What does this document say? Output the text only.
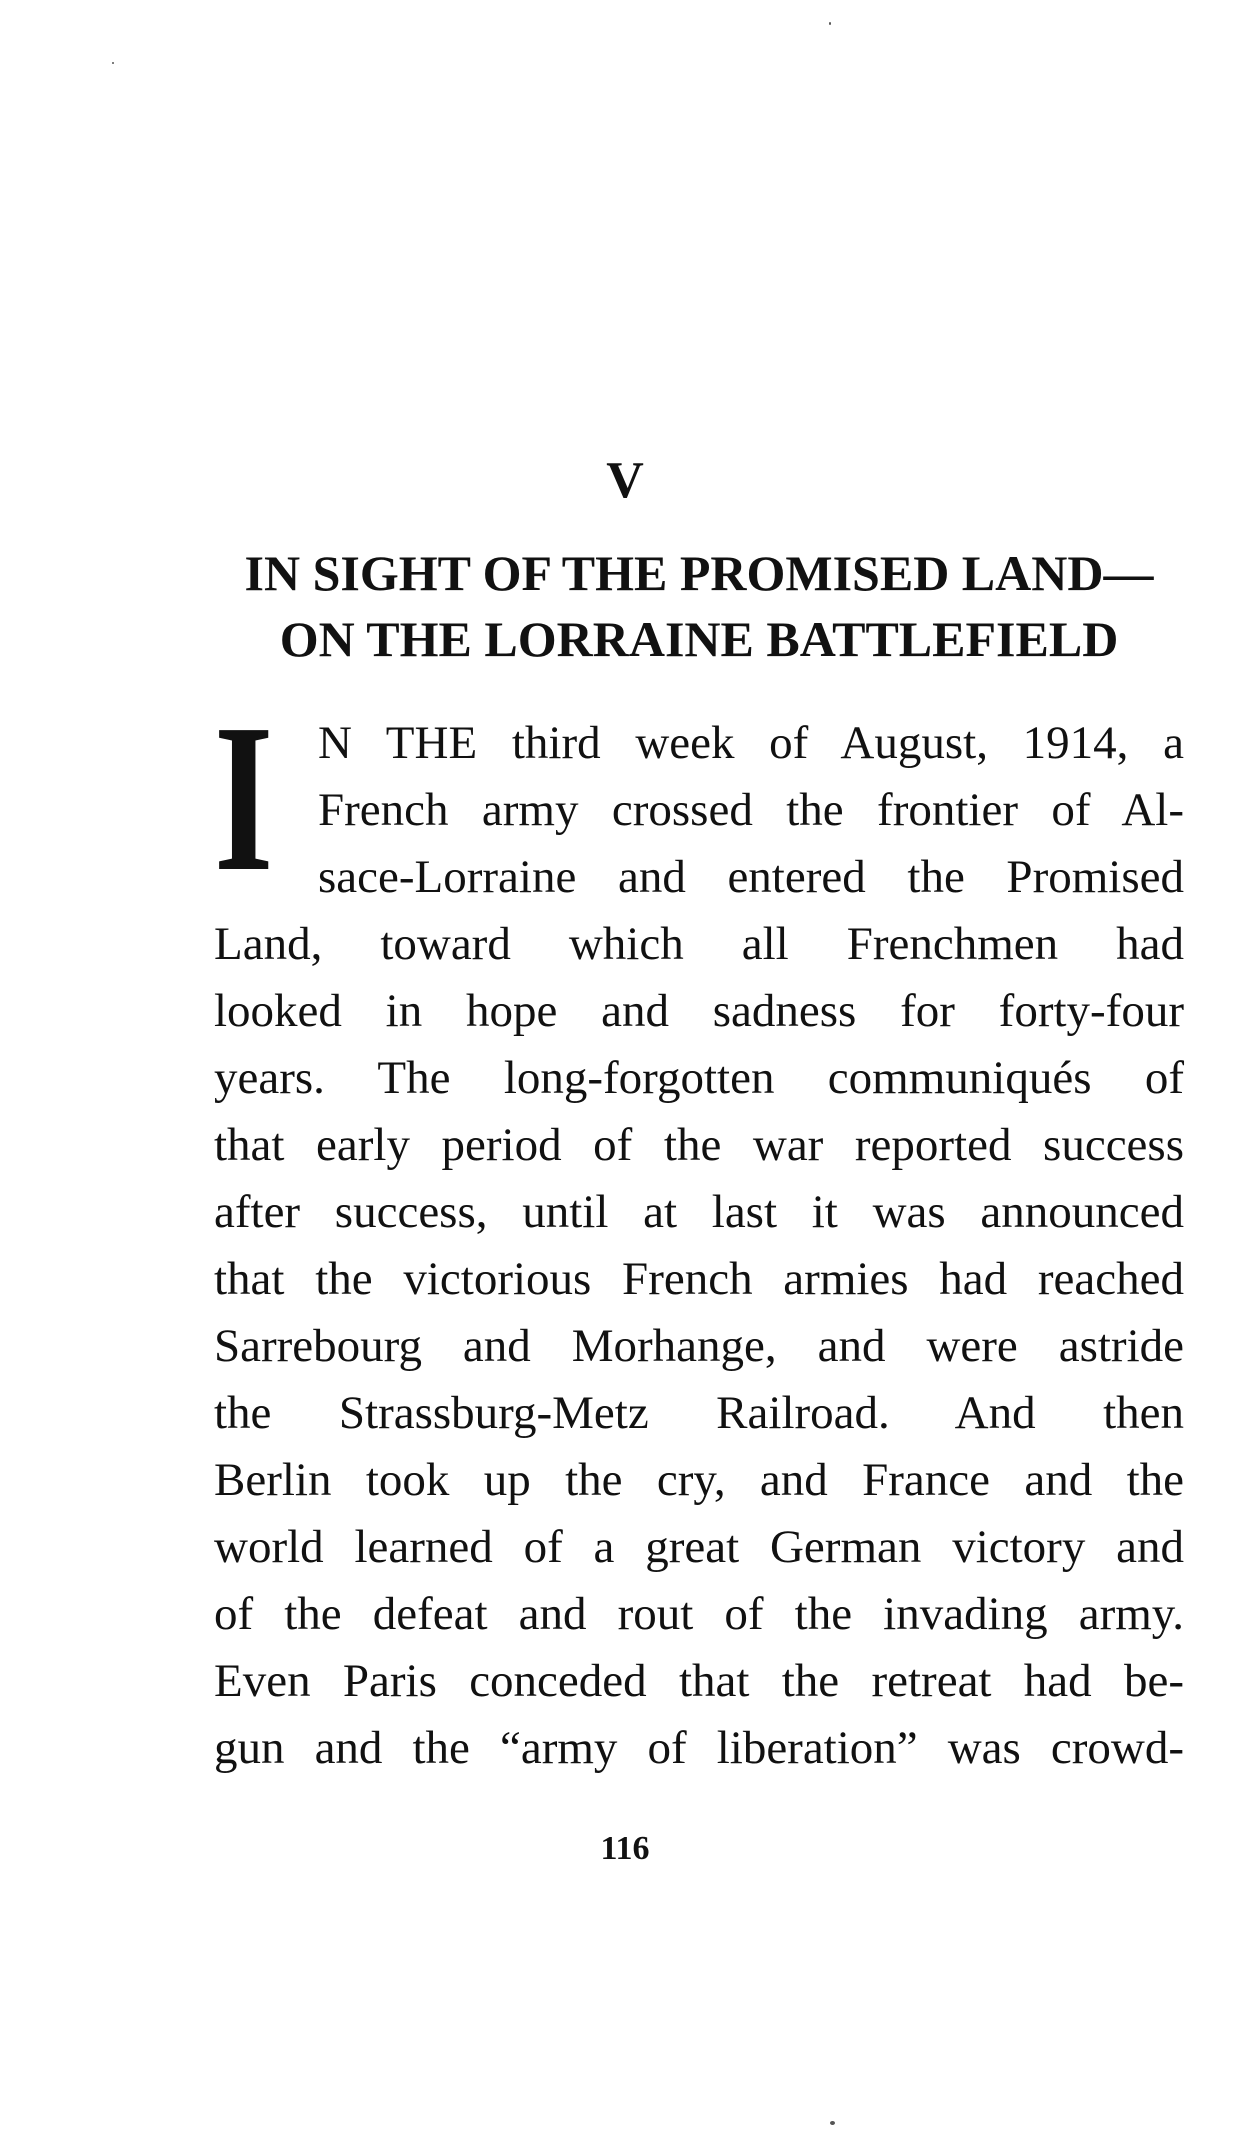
V
IN SIGHT OF THE PROMISED LAND—
ON THE LORRAINE BATTLEFIELD
I N THE third week of August, 1914, a
French army crossed the frontier of Al-
sace-Lorraine and entered the Promised
Land, toward which all Frenchmen had
looked in hope and sadness for forty-four
years. The long-forgotten communiqués of
that early period of the war reported success
after success, until at last it was announced
that the victorious French armies had reached
Sarrebourg and Morhange, and were astride
the Strassburg-Metz Railroad. And then
Berlin took up the cry, and France and the
world learned of a great German victory and
of the defeat and rout of the invading army.
Even Paris conceded that the retreat had be-
gun and the “army of liberation” was crowd-
116
